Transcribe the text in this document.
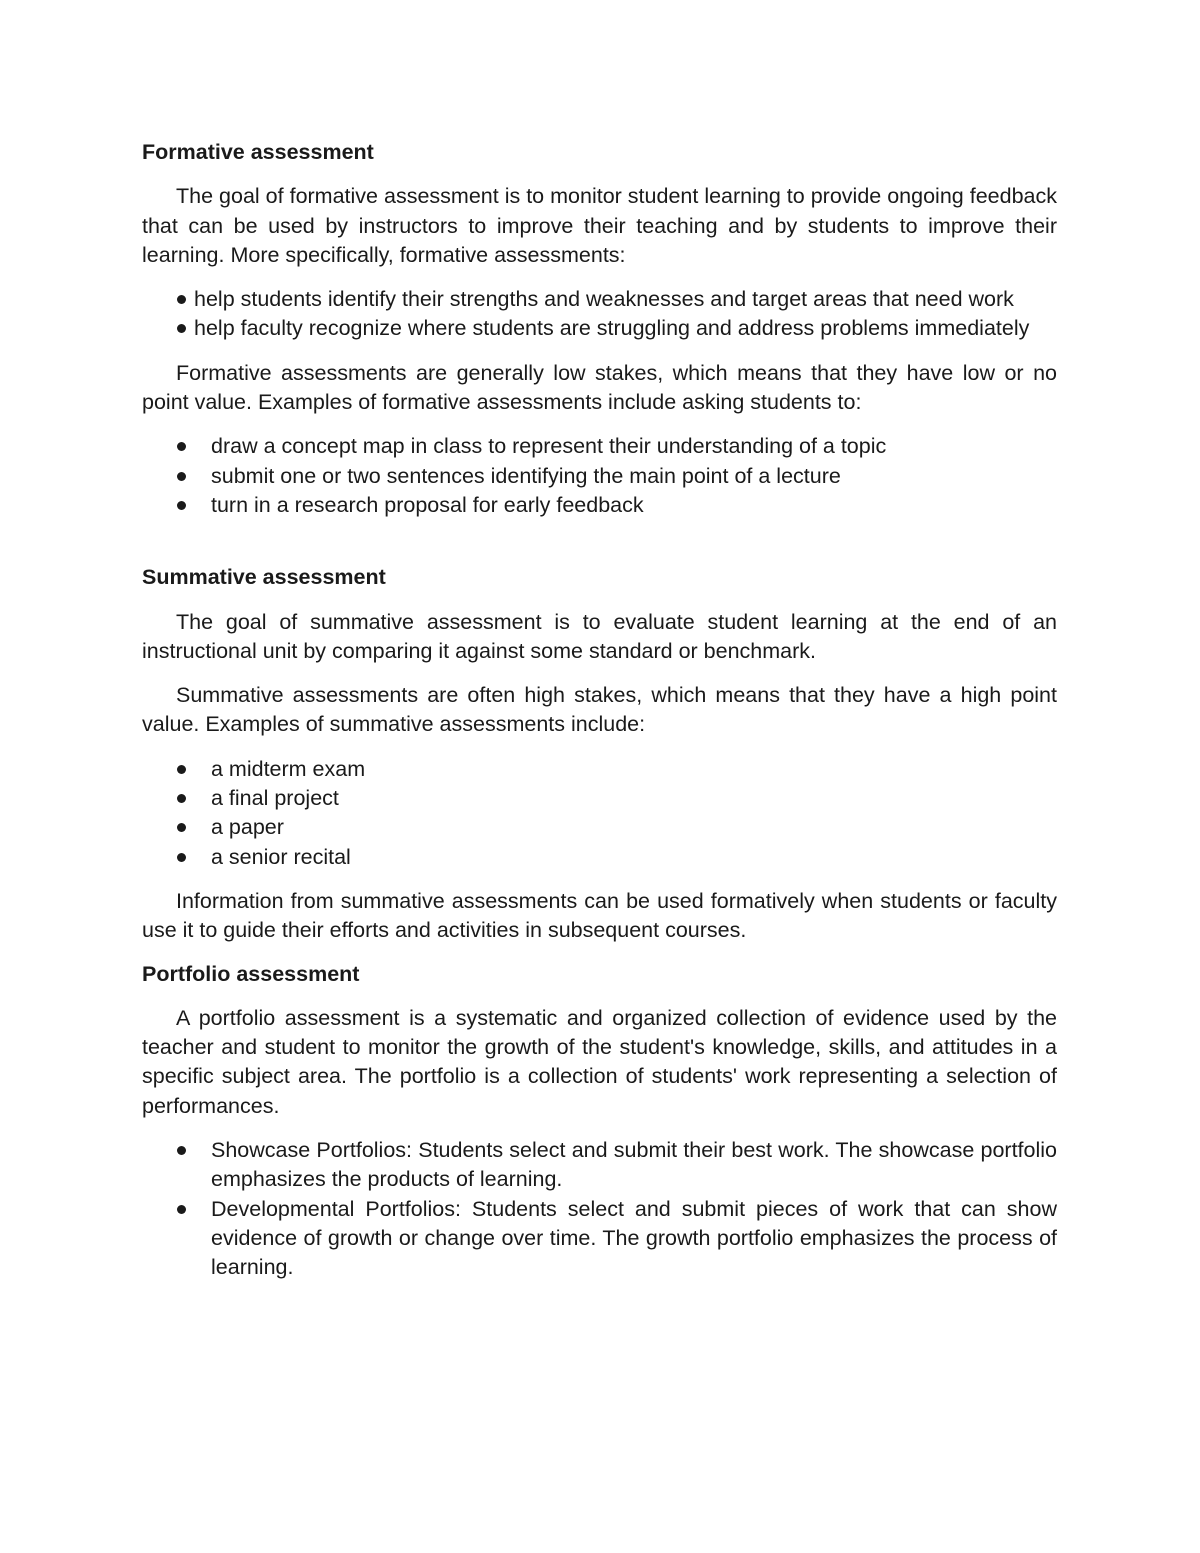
Formative assessment

The goal of formative assessment is to monitor student learning to provide ongoing feedback that can be used by instructors to improve their teaching and by students to improve their learning. More specifically, formative assessments:

help students identify their strengths and weaknesses and target areas that need work
help faculty recognize where students are struggling and address problems immediately

Formative assessments are generally low stakes, which means that they have low or no point value. Examples of formative assessments include asking students to:

draw a concept map in class to represent their understanding of a topic
submit one or two sentences identifying the main point of a lecture
turn in a research proposal for early feedback
Summative assessment

The goal of summative assessment is to evaluate student learning at the end of an instructional unit by comparing it against some standard or benchmark.

Summative assessments are often high stakes, which means that they have a high point value. Examples of summative assessments include:

a midterm exam
a final project
a paper
a senior recital

Information from summative assessments can be used formatively when students or faculty use it to guide their efforts and activities in subsequent courses.

Portfolio assessment

A portfolio assessment is a systematic and organized collection of evidence used by the teacher and student to monitor the growth of the student's knowledge, skills, and attitudes in a specific subject area. The portfolio is a collection of students' work representing a selection of performances.

Showcase Portfolios: Students select and submit their best work. The showcase portfolio emphasizes the products of learning.
Developmental Portfolios: Students select and submit pieces of work that can show evidence of growth or change over time. The growth portfolio emphasizes the process of learning.
